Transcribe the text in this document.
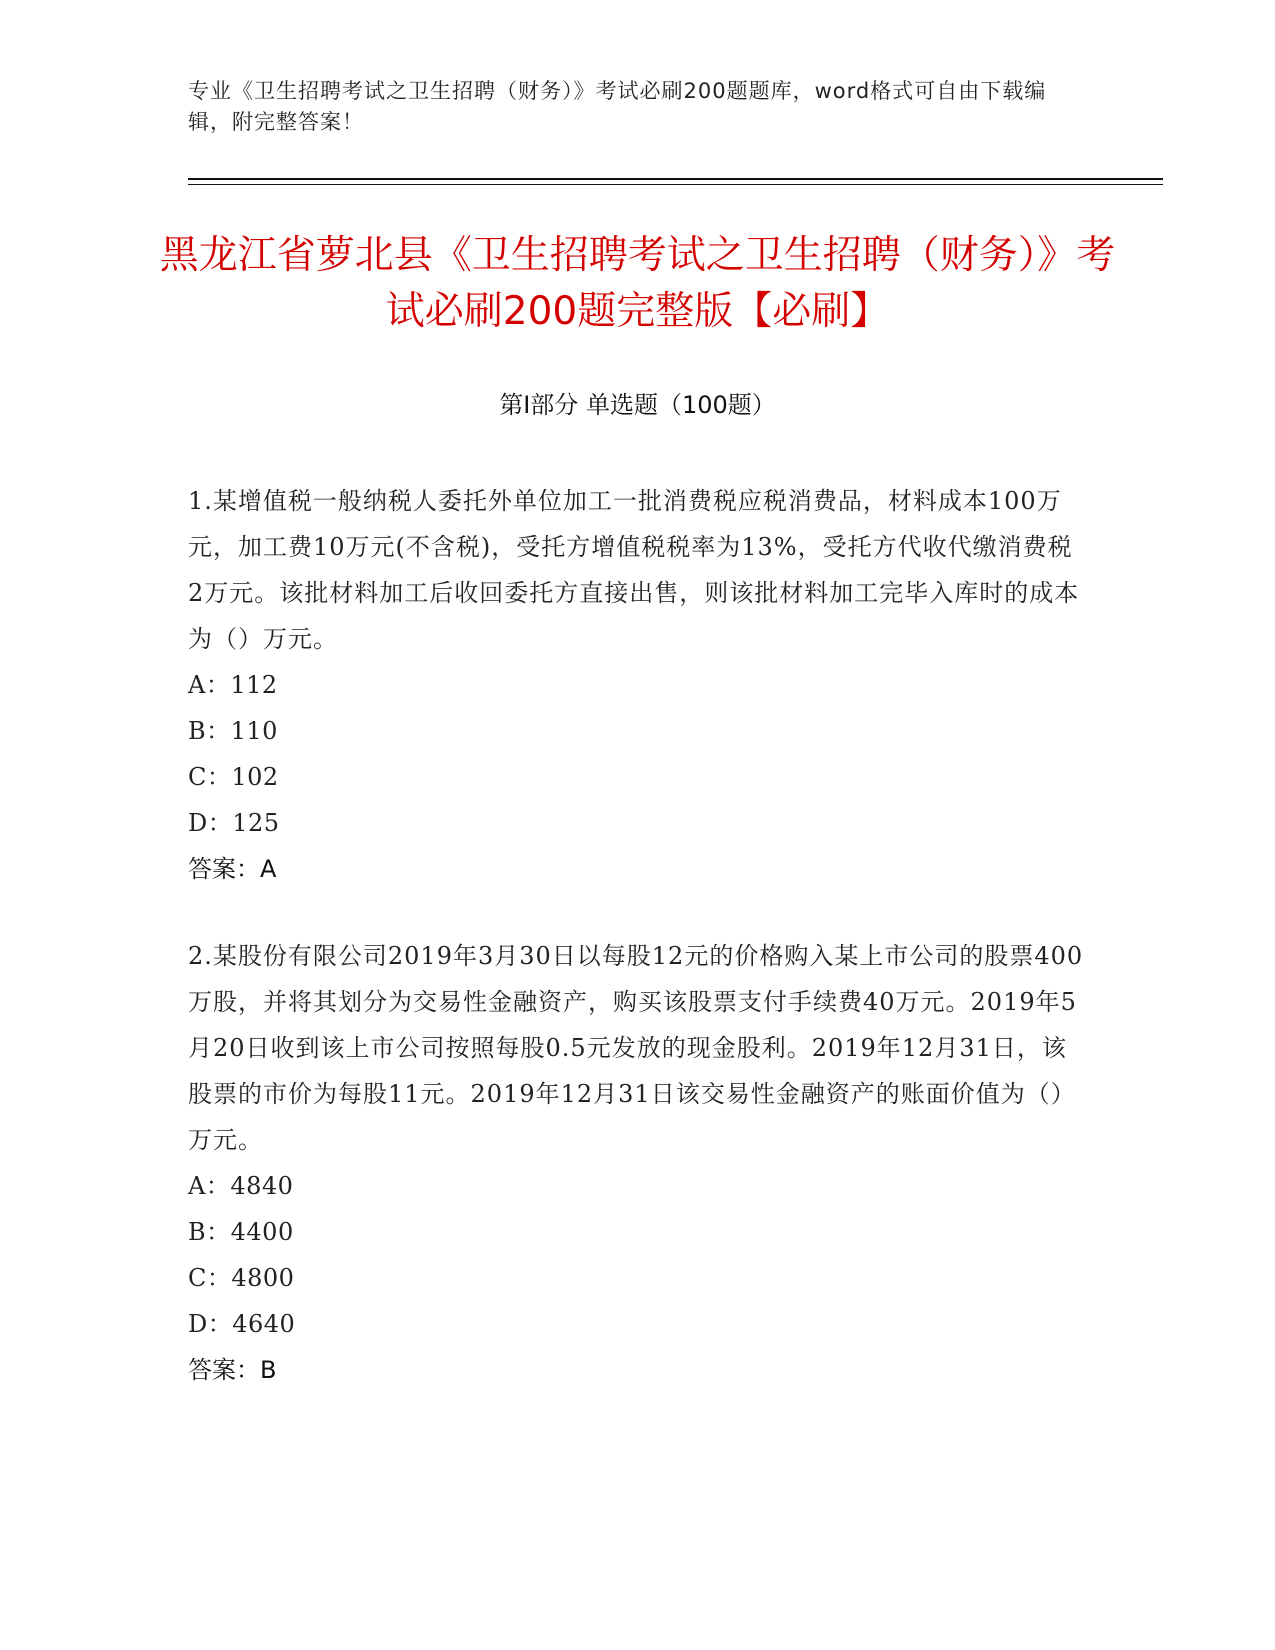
专业《卫生招聘考试之卫生招聘（财务）》考试必刷200题题库，word格式可自由下载编辑，附完整答案！
黑龙江省萝北县《卫生招聘考试之卫生招聘（财务）》考试必刷200题完整版【必刷】
第I部分 单选题（100题）
1.某增值税一般纳税人委托外单位加工一批消费税应税消费品，材料成本100万元，加工费10万元(不含税)，受托方增值税税率为13%，受托方代收代缴消费税2万元。该批材料加工后收回委托方直接出售，则该批材料加工完毕入库时的成本为（）万元。
A：112
B：110
C：102
D：125
答案：A
2.某股份有限公司2019年3月30日以每股12元的价格购入某上市公司的股票400万股，并将其划分为交易性金融资产，购买该股票支付手续费40万元。2019年5月20日收到该上市公司按照每股0.5元发放的现金股利。2019年12月31日，该股票的市价为每股11元。2019年12月31日该交易性金融资产的账面价值为（）万元。
A：4840
B：4400
C：4800
D：4640
答案：B
